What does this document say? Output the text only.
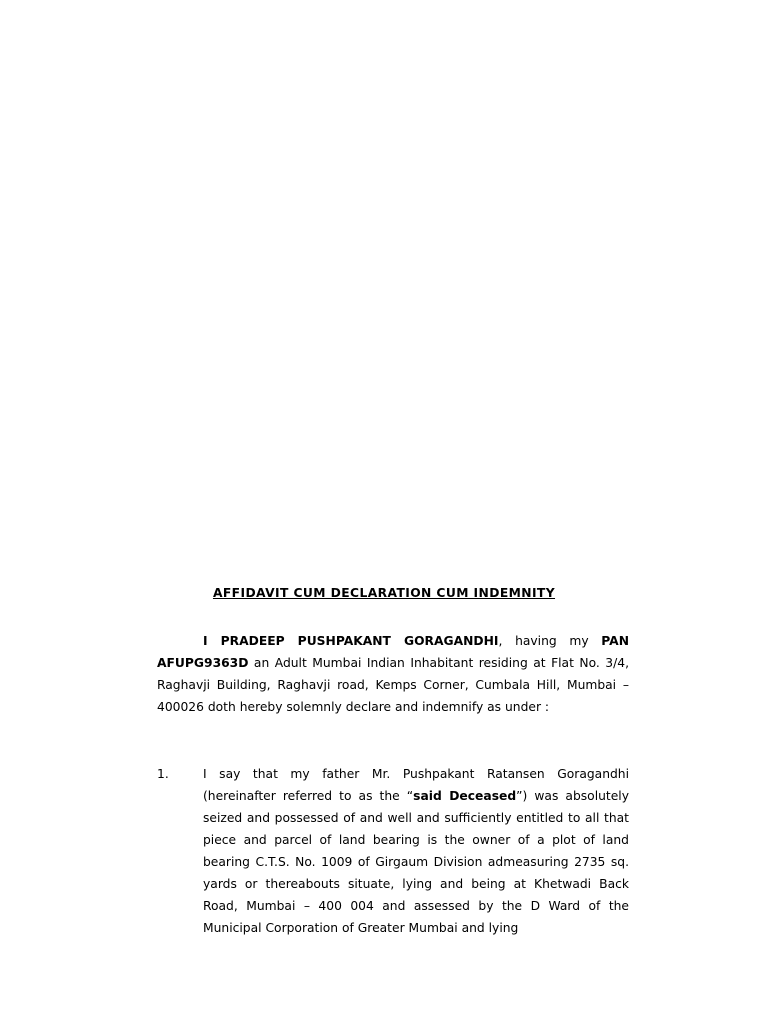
AFFIDAVIT CUM DECLARATION CUM INDEMNITY

I PRADEEP PUSHPAKANT GORAGANDHI, having my PAN AFUPG9363D an Adult Mumbai Indian Inhabitant residing at Flat No. 3/4, Raghavji Building, Raghavji road, Kemps Corner, Cumbala Hill, Mumbai – 400026 doth hereby solemnly declare and indemnify as under :

1.	I say that my father Mr. Pushpakant Ratansen Goragandhi (hereinafter referred to as the “said Deceased”) was absolutely seized and possessed of and well and sufficiently entitled to all that piece and parcel of land bearing is the owner of a plot of land bearing C.T.S. No. 1009 of Girgaum Division admeasuring 2735 sq. yards or thereabouts situate, lying and being at Khetwadi Back Road, Mumbai – 400 004 and assessed by the D Ward of the Municipal Corporation of Greater Mumbai and lying
